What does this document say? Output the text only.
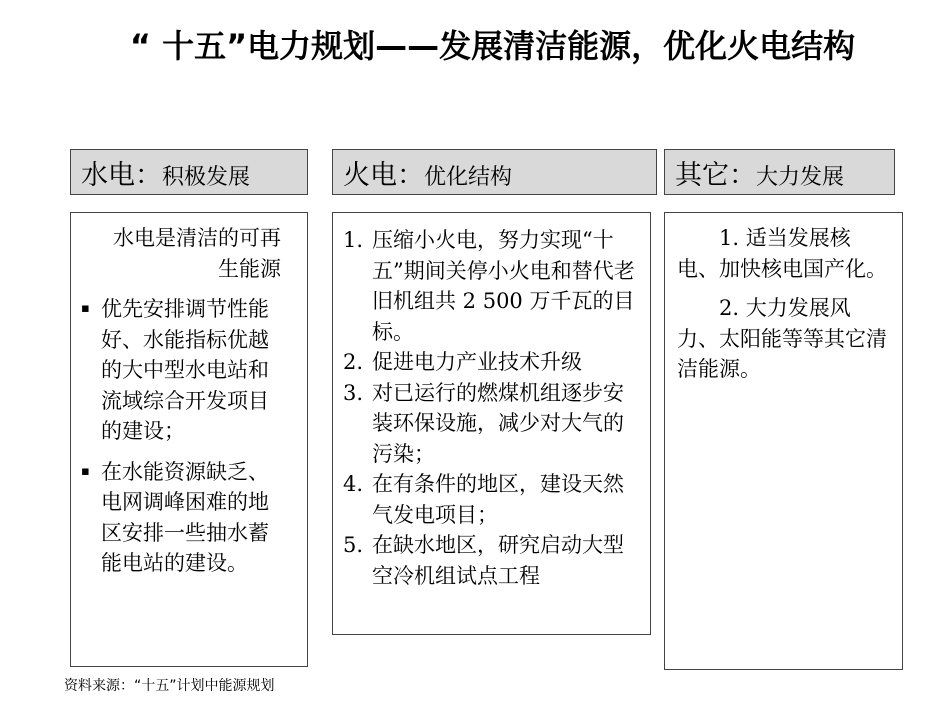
“ 十五”电力规划——发展清洁能源，优化火电结构
水电：积极发展
水电是清洁的可再生能源
▪ 优先安排调节性能好、水能指标优越的大中型水电站和流域综合开发项目的建设；
▪ 在水能资源缺乏、电网调峰困难的地区安排一些抽水蓄能电站的建设。
火电：优化结构
1. 压缩小火电，努力实现“十五”期间关停小火电和替代老旧机组共 2 500 万千瓦的目标。
2. 促进电力产业技术升级
3. 对已运行的燃煤机组逐步安装环保设施，减少对大气的污染；
4. 在有条件的地区，建设天然气发电项目；
5. 在缺水地区，研究启动大型空冷机组试点工程
其它：大力发展

1. 适当发展核电、加快核电国产化。

2. 大力发展风力、太阳能等等其它清洁能源。

资料来源：“十五”计划中能源规划
